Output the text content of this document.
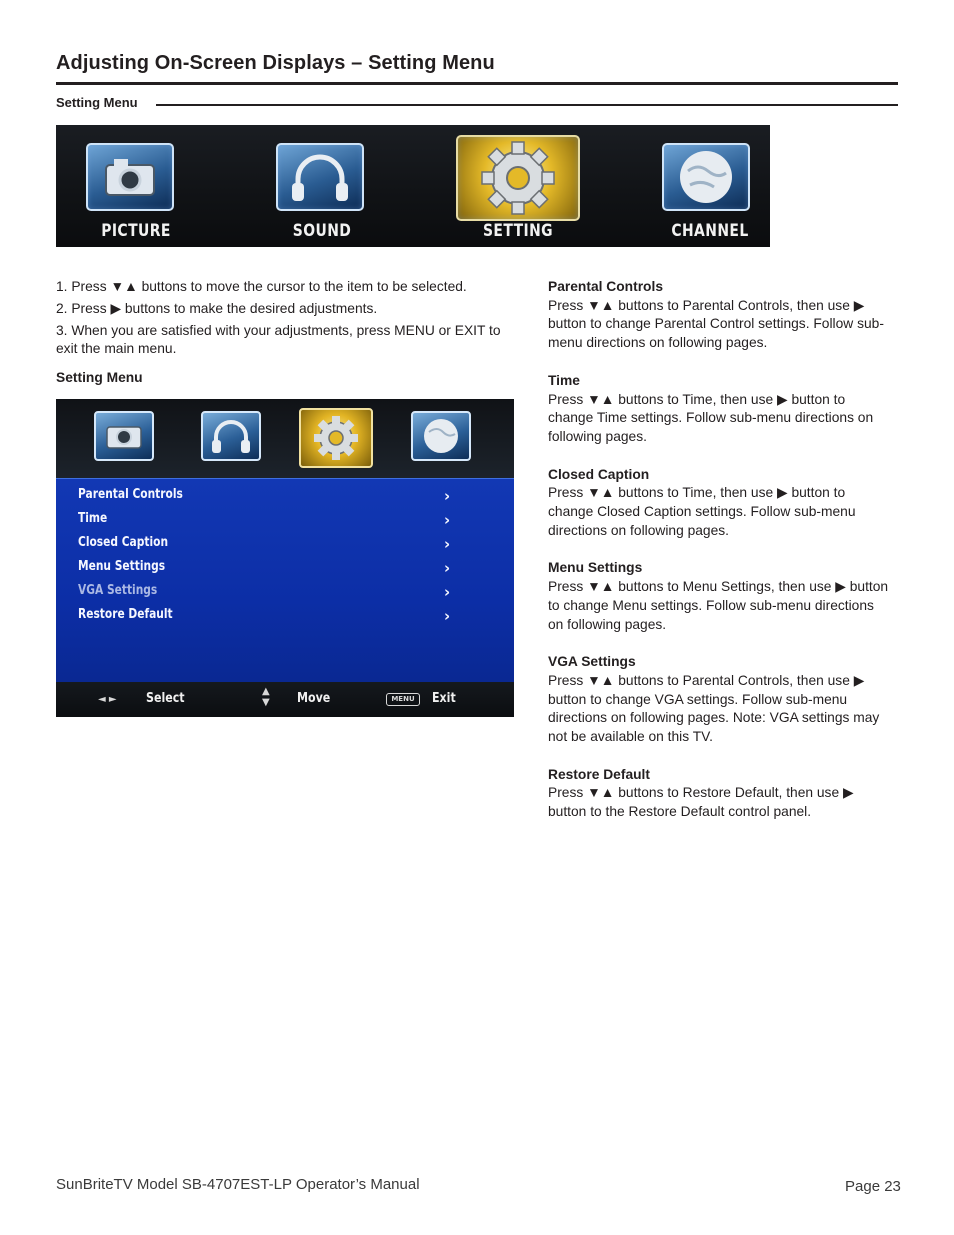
Adjusting On-Screen Displays – Setting Menu
Setting Menu
PICTURE	SOUND	SETTING	CHANNEL
1. Press ▼▲ buttons to move the cursor to the item to be selected.
2. Press ▶ buttons to make the desired adjustments.
3. When you are satisfied with your adjustments, press MENU or EXIT to exit the main menu.
Setting Menu
Parental Controls	›
Time	›
Closed Caption	›
Menu Settings	›
VGA Settings	›
Restore Default	›
◄ ► Select	▲
▼ Move	MENU	Exit
Parental Controls

Press ▼▲ buttons to Parental Controls, then use ▶ button to change Parental Control settings. Follow sub-menu directions on following pages.

Time

Press ▼▲ buttons to Time, then use ▶ button to change Time settings. Follow sub-menu directions on following pages.

Closed Caption

Press ▼▲ buttons to Time, then use ▶ button to change Closed Caption settings. Follow sub-menu directions on following pages.

Menu Settings

Press ▼▲ buttons to Menu Settings, then use ▶ button to change Menu settings. Follow sub-menu directions on following pages.

VGA Settings

Press ▼▲ buttons to Parental Controls, then use ▶ button to change VGA settings. Follow sub-menu directions on following pages. Note: VGA settings may not be available on this TV.

Restore Default

Press ▼▲ buttons to Restore Default, then use ▶ button to the Restore Default control panel.

SunBriteTV Model SB-4707EST-LP Operator’s Manual	Page 23
